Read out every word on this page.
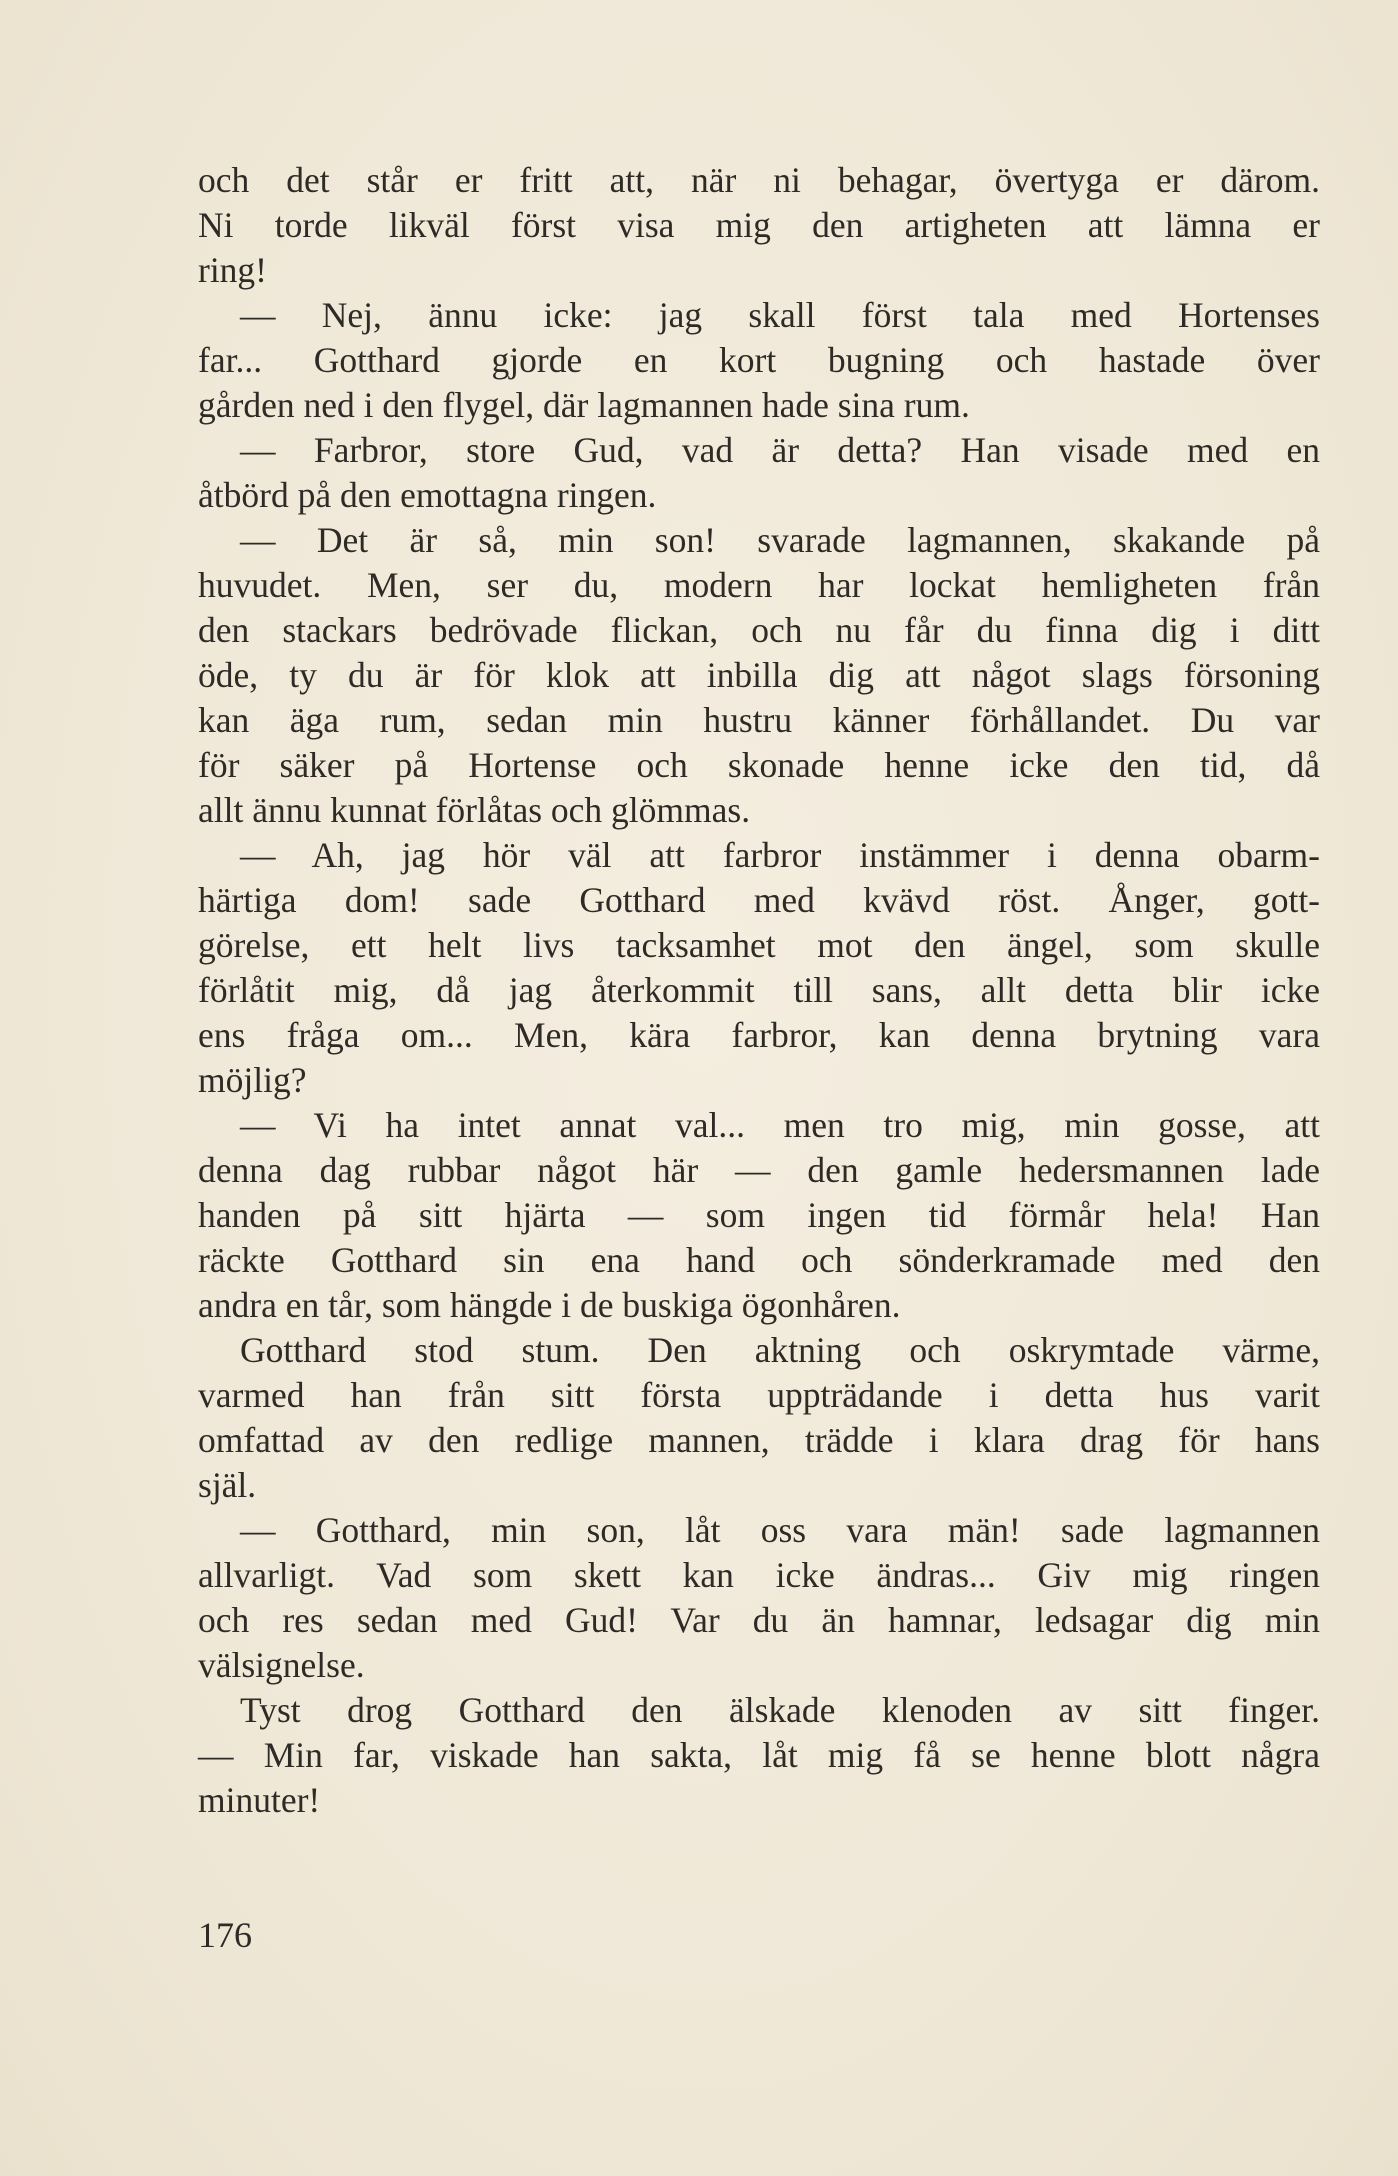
och det står er fritt att, när ni behagar, övertyga er därom.
Ni torde likväl först visa mig den artigheten att lämna er
ring!
— Nej, ännu icke: jag skall först tala med Hortenses
far... Gotthard gjorde en kort bugning och hastade över
gården ned i den flygel, där lagmannen hade sina rum.
— Farbror, store Gud, vad är detta? Han visade med en
åtbörd på den emottagna ringen.
— Det är så, min son! svarade lagmannen, skakande på
huvudet. Men, ser du, modern har lockat hemligheten från
den stackars bedrövade flickan, och nu får du finna dig i ditt
öde, ty du är för klok att inbilla dig att något slags försoning
kan äga rum, sedan min hustru känner förhållandet. Du var
för säker på Hortense och skonade henne icke den tid, då
allt ännu kunnat förlåtas och glömmas.
— Ah, jag hör väl att farbror instämmer i denna obarm-
härtiga dom! sade Gotthard med kvävd röst. Ånger, gott-
görelse, ett helt livs tacksamhet mot den ängel, som skulle
förlåtit mig, då jag återkommit till sans, allt detta blir icke
ens fråga om... Men, kära farbror, kan denna brytning vara
möjlig?
— Vi ha intet annat val... men tro mig, min gosse, att
denna dag rubbar något här — den gamle hedersmannen lade
handen på sitt hjärta — som ingen tid förmår hela! Han
räckte Gotthard sin ena hand och sönderkramade med den
andra en tår, som hängde i de buskiga ögonhåren.
Gotthard stod stum. Den aktning och oskrymtade värme,
varmed han från sitt första uppträdande i detta hus varit
omfattad av den redlige mannen, trädde i klara drag för hans
själ.
— Gotthard, min son, låt oss vara män! sade lagmannen
allvarligt. Vad som skett kan icke ändras... Giv mig ringen
och res sedan med Gud! Var du än hamnar, ledsagar dig min
välsignelse.
Tyst drog Gotthard den älskade klenoden av sitt finger.
— Min far, viskade han sakta, låt mig få se henne blott några
minuter!
176
